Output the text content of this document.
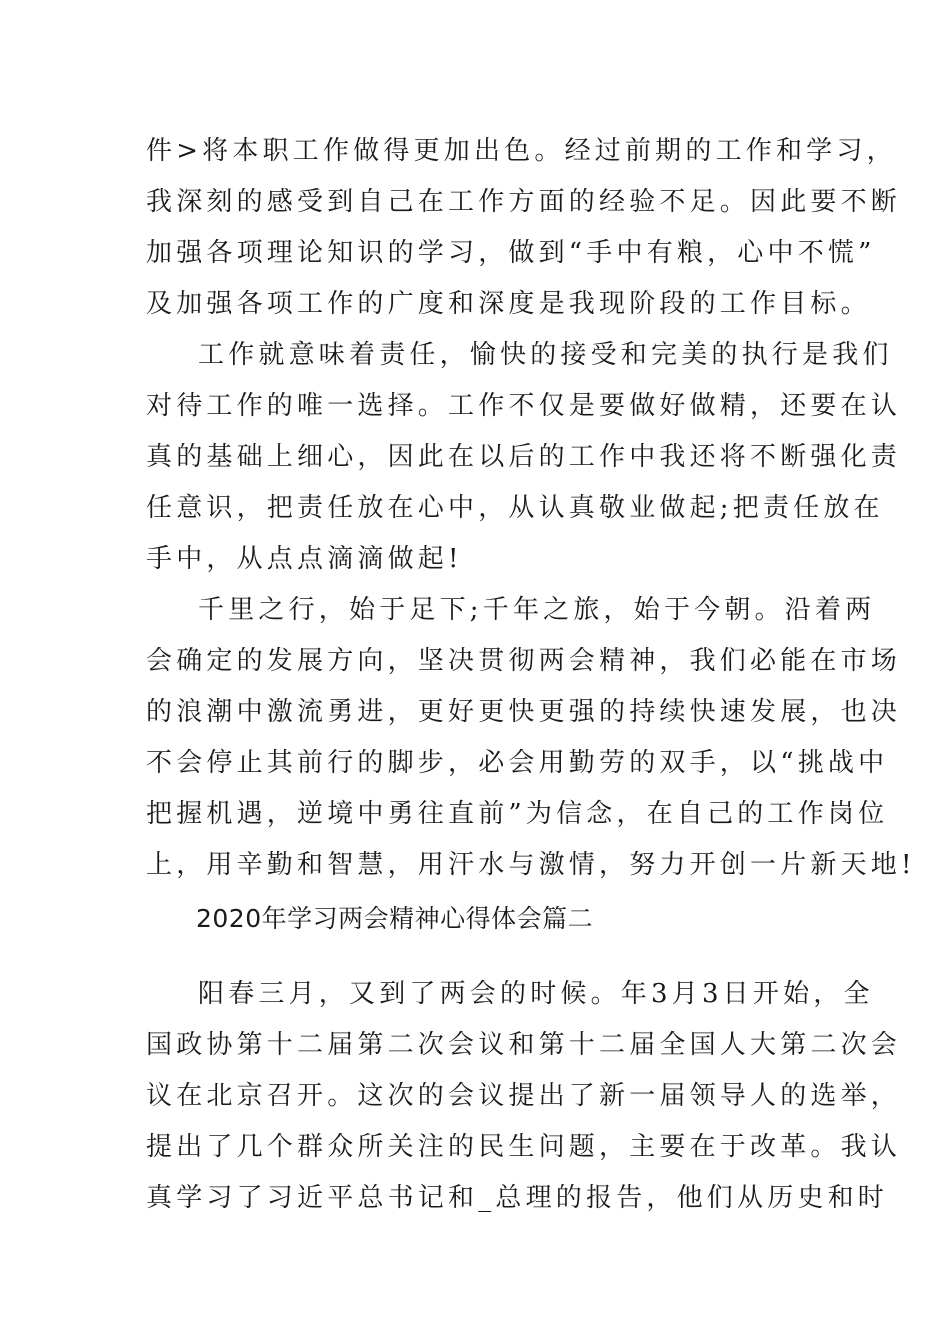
件>将本职工作做得更加出色。经过前期的工作和学习，
我深刻的感受到自己在工作方面的经验不足。因此要不断
加强各项理论知识的学习，做到“手中有粮，心中不慌”
及加强各项工作的广度和深度是我现阶段的工作目标。
工作就意味着责任，愉快的接受和完美的执行是我们
对待工作的唯一选择。工作不仅是要做好做精，还要在认
真的基础上细心，因此在以后的工作中我还将不断强化责
任意识，把责任放在心中，从认真敬业做起;把责任放在
手中，从点点滴滴做起!
千里之行，始于足下;千年之旅，始于今朝。沿着两
会确定的发展方向，坚决贯彻两会精神，我们必能在市场
的浪潮中激流勇进，更好更快更强的持续快速发展，也决
不会停止其前行的脚步，必会用勤劳的双手，以“挑战中
把握机遇，逆境中勇往直前”为信念，在自己的工作岗位
上，用辛勤和智慧，用汗水与激情，努力开创一片新天地!
2020年学习两会精神心得体会篇二
阳春三月，又到了两会的时候。年3月3日开始，全
国政协第十二届第二次会议和第十二届全国人大第二次会
议在北京召开。这次的会议提出了新一届领导人的选举，
提出了几个群众所关注的民生问题，主要在于改革。我认
真学习了习近平总书记和_总理的报告，他们从历史和时
